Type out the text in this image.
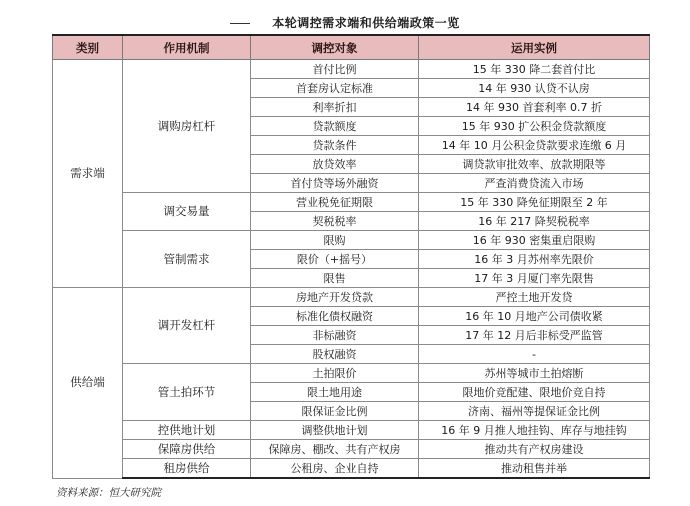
本轮调控需求端和供给端政策一览
类别	作用机制	调控对象	运用实例
需求端	调购房杠杆	首付比例	15 年 330 降二套首付比
		首套房认定标准	14 年 930 认贷不认房
		利率折扣	14 年 930 首套利率 0.7 折
		贷款额度	15 年 930 扩公积金贷款额度
		贷款条件	14 年 10 月公积金贷款要求连缴 6 月
		放贷效率	调贷款审批效率、放款期限等
		首付贷等场外融资	严查消费贷流入市场
	调交易量	营业税免征期限	15 年 330 降免征期限至 2 年
		契税税率	16 年 217 降契税税率
	管制需求	限购	16 年 930 密集重启限购
		限价（+摇号）	16 年 3 月苏州率先限价
		限售	17 年 3 月厦门率先限售
供给端	调开发杠杆	房地产开发贷款	严控土地开发贷
		标准化债权融资	16 年 10 月地产公司债收紧
		非标融资	17 年 12 月后非标受严监管
		股权融资	-
	管土拍环节	土拍限价	苏州等城市土拍熔断
		限土地用途	限地价竞配建、限地价竞自持
		限保证金比例	济南、福州等提保证金比例
	控供地计划	调整供地计划	16 年 9 月推人地挂钩、库存与地挂钩
	保障房供给	保障房、棚改、共有产权房	推动共有产权房建设
	租房供给	公租房、企业自持	推动租售并举
资料来源：恒大研究院
